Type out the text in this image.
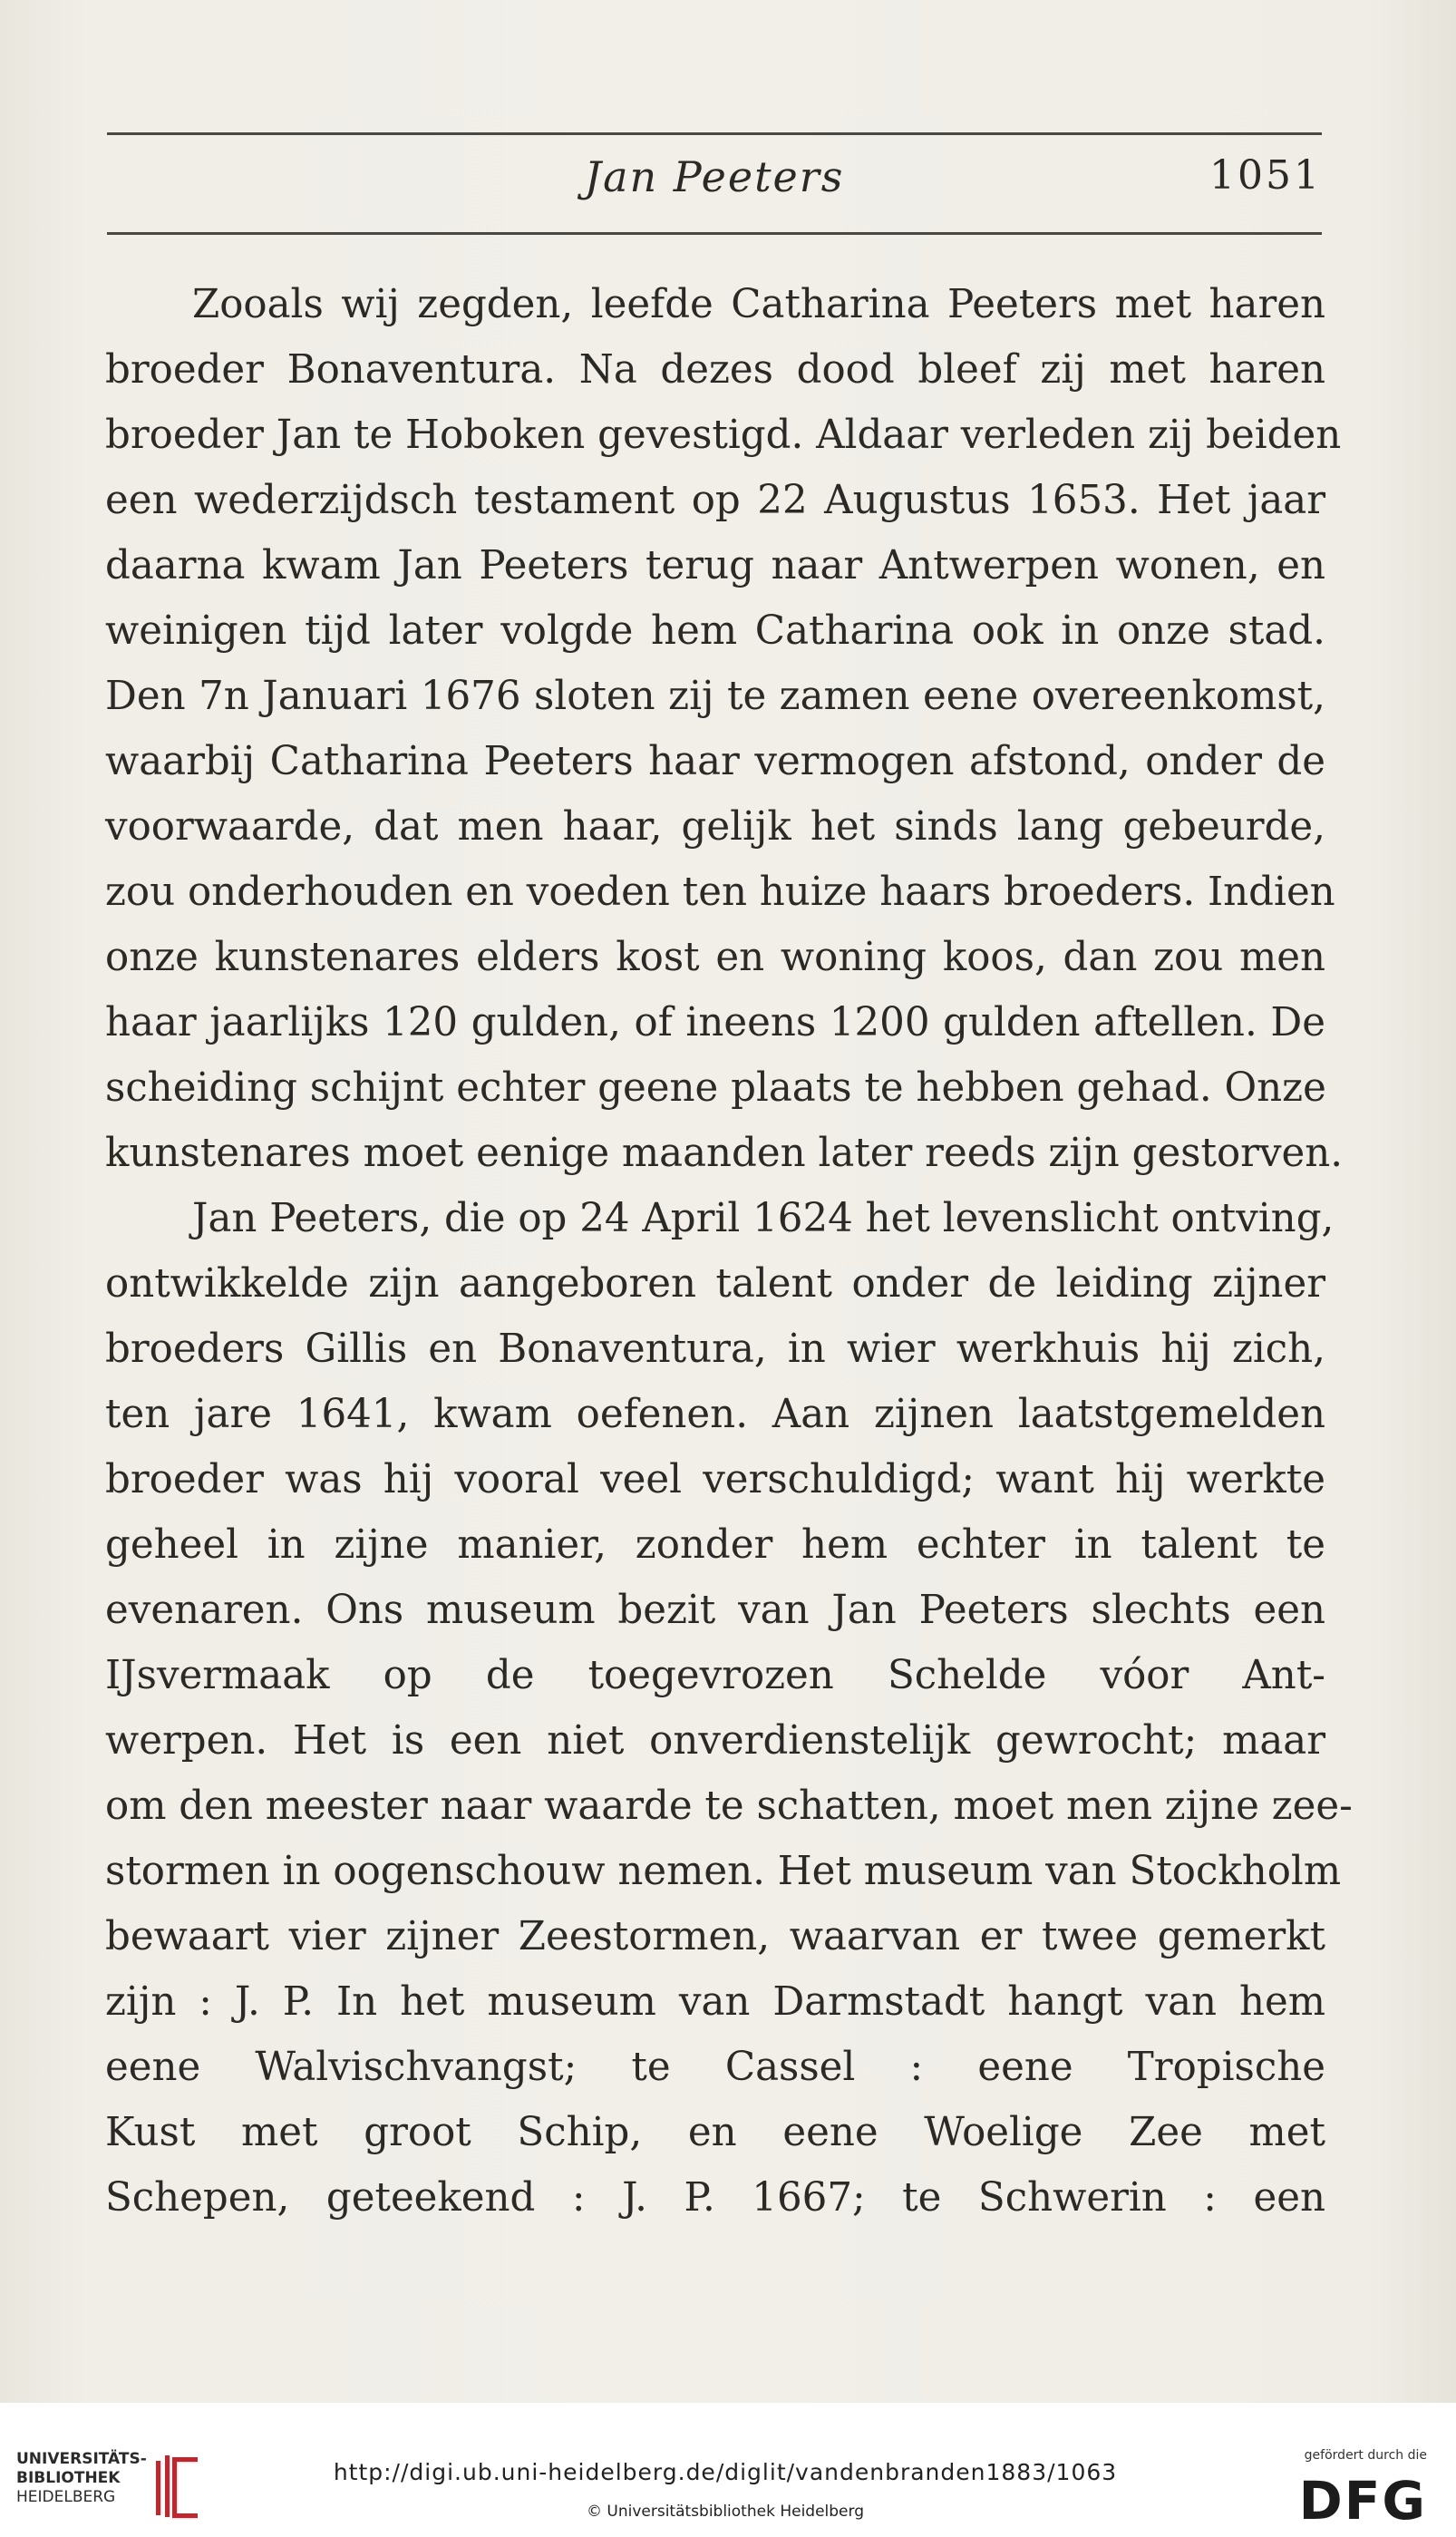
Jan Peeters	1051
Zooals wij zegden, leefde Catharina Peeters met haren
broeder Bonaventura. Na dezes dood bleef zij met haren
broeder Jan te Hoboken gevestigd. Aldaar verleden zij beiden
een wederzijdsch testament op 22 Augustus 1653. Het jaar
daarna kwam Jan Peeters terug naar Antwerpen wonen, en
weinigen tijd later volgde hem Catharina ook in onze stad.
Den 7n Januari 1676 sloten zij te zamen eene overeenkomst,
waarbij Catharina Peeters haar vermogen afstond, onder de
voorwaarde, dat men haar, gelijk het sinds lang gebeurde,
zou onderhouden en voeden ten huize haars broeders. Indien
onze kunstenares elders kost en woning koos, dan zou men
haar jaarlijks 120 gulden, of ineens 1200 gulden aftellen. De
scheiding schijnt echter geene plaats te hebben gehad. Onze
kunstenares moet eenige maanden later reeds zijn gestorven.
Jan Peeters, die op 24 April 1624 het levenslicht ontving,
ontwikkelde zijn aangeboren talent onder de leiding zijner
broeders Gillis en Bonaventura, in wier werkhuis hij zich,
ten jare 1641, kwam oefenen. Aan zijnen laatstgemelden
broeder was hij vooral veel verschuldigd; want hij werkte
geheel in zijne manier, zonder hem echter in talent te
evenaren. Ons museum bezit van Jan Peeters slechts een
IJsvermaak op de toegevrozen Schelde vóor Ant-
werpen. Het is een niet onverdienstelijk gewrocht; maar
om den meester naar waarde te schatten, moet men zijne zee-
stormen in oogenschouw nemen. Het museum van Stockholm
bewaart vier zijner Zeestormen, waarvan er twee gemerkt
zijn : J. P. In het museum van Darmstadt hangt van hem
eene Walvischvangst; te Cassel : eene Tropische
Kust met groot Schip, en eene Woelige Zee met
Schepen, geteekend : J. P. 1667; te Schwerin : een
UNIVERSITÄTS-
BIBLIOTHEK
HEIDELBERG
http://digi.ub.uni-heidelberg.de/diglit/vandenbranden1883/1063
© Universitätsbibliothek Heidelberg
gefördert durch die
DFG
